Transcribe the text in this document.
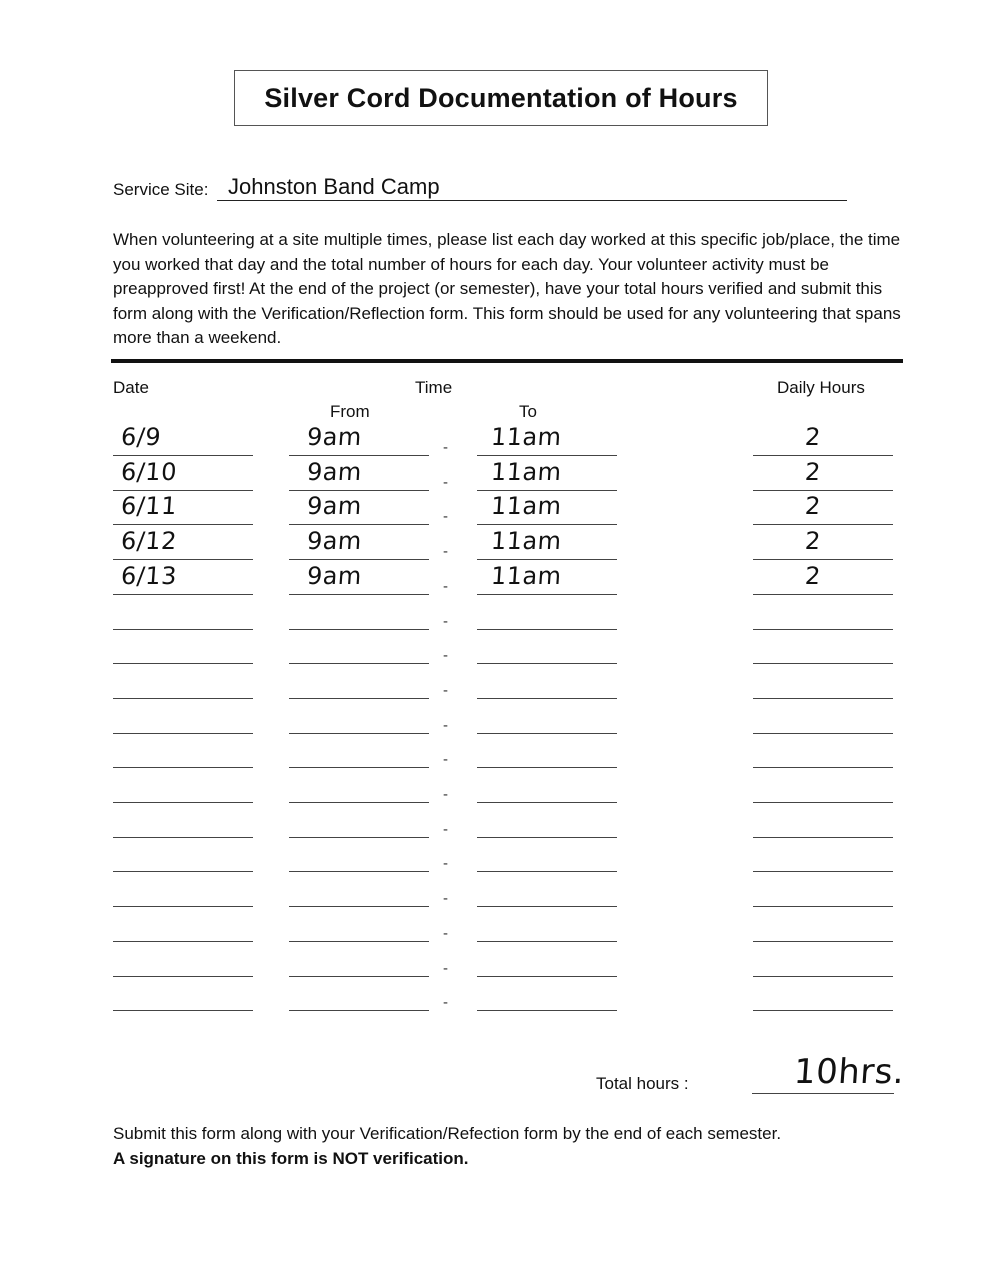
Silver Cord Documentation of Hours
Service Site: Johnston Band Camp
When volunteering at a site multiple times, please list each day worked at this specific job/place, the time you worked that day and the total number of hours for each day. Your volunteer activity must be preapproved first! At the end of the project (or semester), have your total hours verified and submit this form along with the Verification/Reflection form. This form should be used for any volunteering that spans more than a weekend.
Date	Time
From	To
Daily Hours
6/9	9am	11am	2
-
6/10	9am	11am	2
-
6/11	9am	11am	2
-
6/12	9am	11am	2
-
6/13	9am	11am	2
-
-
-
-
-
-
-
-
-
-
-
-
-
Total hours :	10hrs.
Submit this form along with your Verification/Refection form by the end of each semester.
A signature on this form is NOT verification.
